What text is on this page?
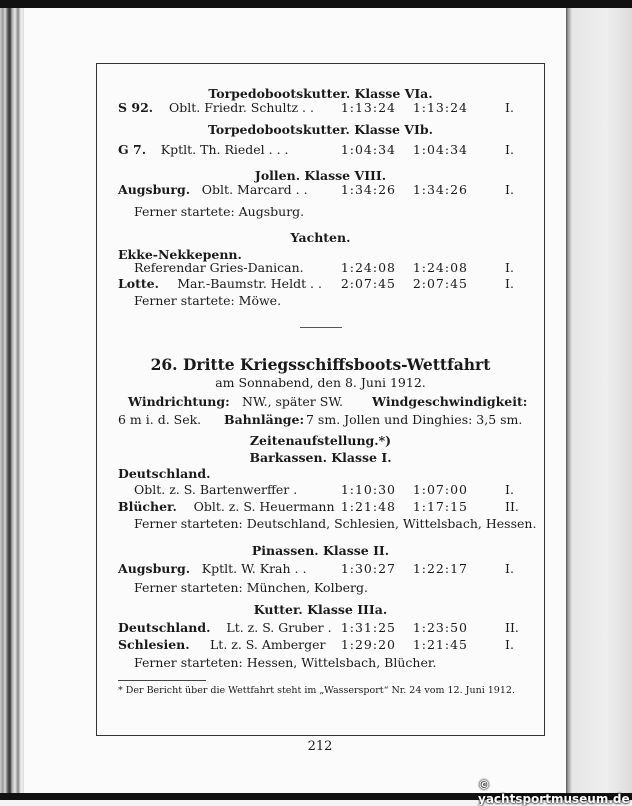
Torpedobootskutter. Klasse VIa.
S 92. Oblt. Friedr. Schultz . .	1:13:24	1:13:24	I.
Torpedobootskutter. Klasse VIb.
G 7. Kptlt. Th. Riedel . . .	1:04:34	1:04:34	I.
Jollen. Klasse VIII.
Augsburg. Oblt. Marcard . .	1:34:26	1:34:26	I.
Ferner startete: Augsburg.
Yachten.
Ekke-Nekkepenn.
Referendar Gries-Danican.	1:24:08	1:24:08	I.
Lotte. Mar.-Baumstr. Heldt . .	2:07:45	2:07:45	I.
Ferner startete: Möwe.
26. Dritte Kriegsschiffsboots-Wettfahrt
am Sonnabend, den 8. Juni 1912.
Windrichtung: NW., später SW. Windgeschwindigkeit:
6 m i. d. Sek. Bahnlänge: 7 sm. Jollen und Dinghies: 3,5 sm.
Zeitenaufstellung.*)
Barkassen. Klasse I.
Deutschland.
Oblt. z. S. Bartenwerffer .	1:10:30	1:07:00	I.
Blücher. Oblt. z. S. Heuermann 1:21:48	1:17:15	II.
Ferner starteten: Deutschland, Schlesien, Wittelsbach, Hessen.
Pinassen. Klasse II.
Augsburg. Kptlt. W. Krah . .	1:30:27	1:22:17	I.
Ferner starteten: München, Kolberg.
Kutter. Klasse IIIa.
Deutschland. Lt. z. S. Gruber . 1:31:25	1:23:50	II.
Schlesien. Lt. z. S. Amberger	1:29:20	1:21:45	I.
Ferner starteten: Hessen, Wittelsbach, Blücher.
* Der Bericht über die Wettfahrt steht im „Wassersport“ Nr. 24 vom 12. Juni 1912.
212
© yachtsportmuseum.de
